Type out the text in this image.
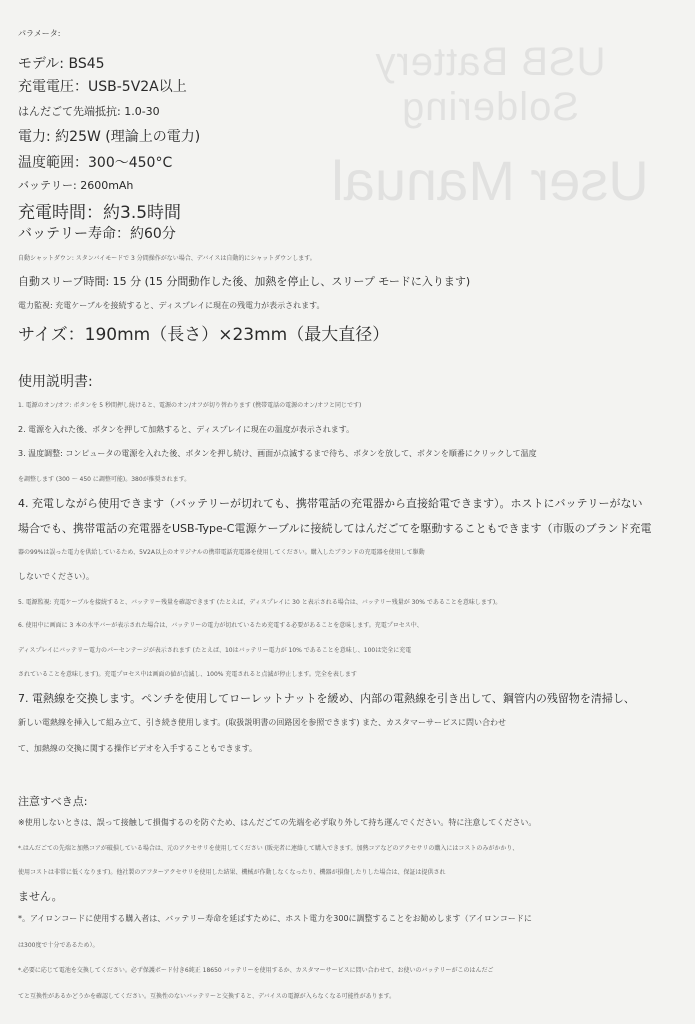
USB Battery Soldering
User Manual
パラメータ:
モデル: BS45
充電電圧：USB-5V2A以上
はんだごて先端抵抗: 1.0-30
電力: 約25W (理論上の電力)
温度範囲：300～450°C
バッテリー: 2600mAh
充電時間：約3.5時間
バッテリー寿命：約60分
自動シャットダウン: スタンバイモードで 3 分間操作がない場合、デバイスは自動的にシャットダウンします。
自動スリープ時間: 15 分 (15 分間動作した後、加熱を停止し、スリープ モードに入ります)
電力監視: 充電ケーブルを接続すると、ディスプレイに現在の残電力が表示されます。
サイズ：190mm（長さ）×23mm（最大直径）
使用説明書:
1. 電源のオン/オフ: ボタンを 5 秒間押し続けると、電源のオン/オフが切り替わります (携帯電話の電源のオン/オフと同じです)
2. 電源を入れた後、ボタンを押して加熱すると、ディスプレイに現在の温度が表示されます。
3. 温度調整: コンピュータの電源を入れた後、ボタンを押し続け、画面が点滅するまで待ち、ボタンを放して、ボタンを順番にクリックして温度
を調整します (300 ～ 450 に調整可能)。380が推奨されます。
4. 充電しながら使用できます（バッテリーが切れても、携帯電話の充電器から直接給電できます）。ホストにバッテリーがない
場合でも、携帯電話の充電器をUSB-Type-C電源ケーブルに接続してはんだごてを駆動することもできます（市販のブランド充電
器の99%は誤った電力を供給しているため、5V2A以上のオリジナルの携帯電話充電器を使用してください。購入したブランドの充電器を使用して駆動
しないでください）。
5. 電源監視: 充電ケーブルを接続すると、バッテリー残量を確認できます (たとえば、ディスプレイに 30 と表示される場合は、バッテリー残量が 30% であることを意味します)。
6. 使用中に画面に 3 本の水平バーが表示された場合は、バッテリーの電力が切れているため充電する必要があることを意味します。充電プロセス中、
ディスプレイにバッテリー電力のパーセンテージが表示されます (たとえば、10はバッテリー電力が 10% であることを意味し、100は完全に充電
されていることを意味します)。充電プロセス中は画面の値が点滅し、100% 充電されると点滅が停止します。完全を表します
7. 電熱線を交換します。ペンチを使用してローレットナットを緩め、内部の電熱線を引き出して、鋼管内の残留物を清掃し、
新しい電熱線を挿入して組み立て、引き続き使用します。(取扱説明書の回路図を参照できます) また、カスタマーサービスに問い合わせ
て、加熱線の交換に関する操作ビデオを入手することもできます。
注意すべき点:
※使用しないときは、誤って接触して損傷するのを防ぐため、はんだごての先端を必ず取り外して持ち運んでください。特に注意してください。
*.はんだごての先端と加熱コアが破損している場合は、元のアクセサリを使用してください (販売者に連絡して購入できます。加熱コアなどのアクセサリの購入にはコストのみがかかり、
使用コストは非常に低くなります)。他社製のアフターアクセサリを使用した結果、機械が作動しなくなったり、機器が損傷したりした場合は、保証は提供され
ません。
*。アイロンコードに使用する購入者は、バッテリー寿命を延ばすために、ホスト電力を300に調整することをお勧めします（アイロンコードに
は300度で十分であるため）。
*.必要に応じて電池を交換してください。必ず保護ボード付き6純正 18650 バッテリーを使用するか、カスタマーサービスに問い合わせて、お使いのバッテリーがこのはんだご
てと互換性があるかどうかを確認してください。互換性のないバッテリーと交換すると、デバイスの電源が入らなくなる可能性があります。
